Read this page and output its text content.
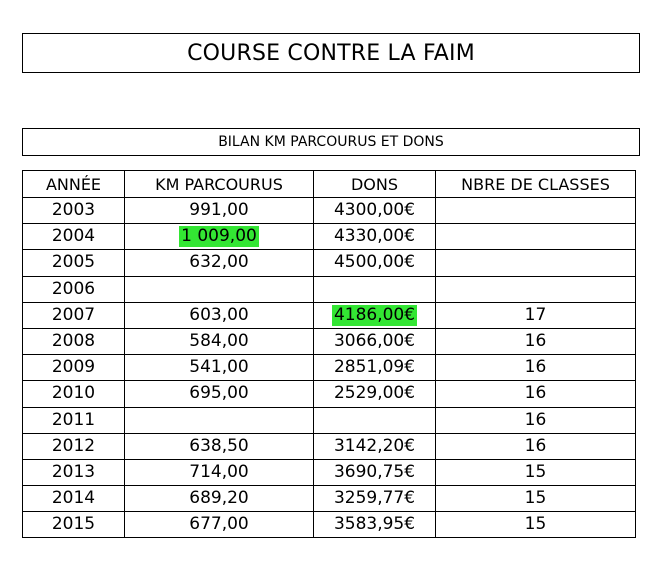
COURSE CONTRE LA FAIM
BILAN KM PARCOURUS ET DONS
ANNÉE	KM PARCOURUS	DONS	NBRE DE CLASSES
2003	991,00	4300,00€	
2004	1 009,00	4330,00€	
2005	632,00	4500,00€	
2006			
2007	603,00	4186,00€	17
2008	584,00	3066,00€	16
2009	541,00	2851,09€	16
2010	695,00	2529,00€	16
2011			16
2012	638,50	3142,20€	16
2013	714,00	3690,75€	15
2014	689,20	3259,77€	15
2015	677,00	3583,95€	15
